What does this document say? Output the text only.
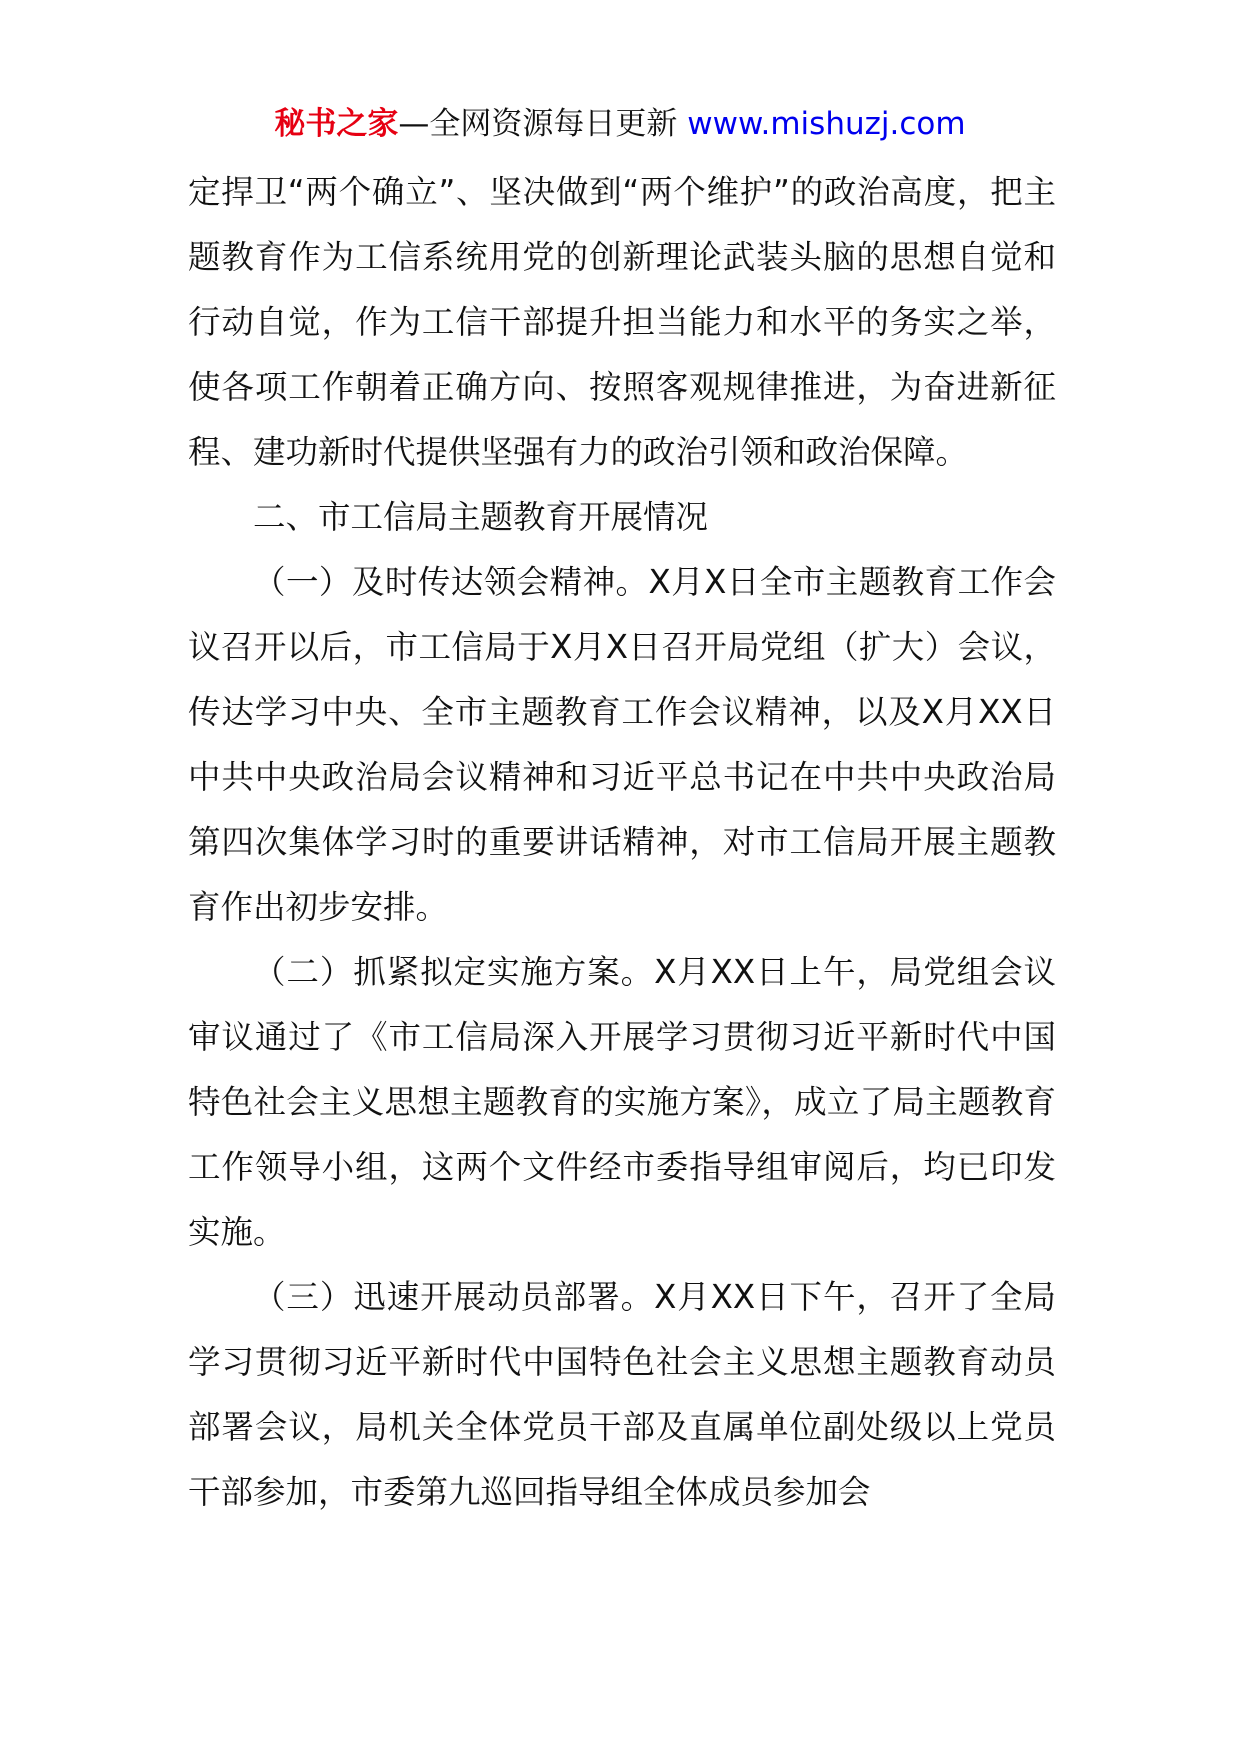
秘书之家—全网资源每日更新 www.mishuzj.com

定捍卫“两个确立”、坚决做到“两个维护”的政治高度，把主题教育作为工信系统用党的创新理论武装头脑的思想自觉和行动自觉，作为工信干部提升担当能力和水平的务实之举，使各项工作朝着正确方向、按照客观规律推进，为奋进新征程、建功新时代提供坚强有力的政治引领和政治保障。

二、市工信局主题教育开展情况

（一）及时传达领会精神。X月X日全市主题教育工作会议召开以后，市工信局于X月X日召开局党组（扩大）会议，传达学习中央、全市主题教育工作会议精神，以及X月XX日中共中央政治局会议精神和习近平总书记在中共中央政治局第四次集体学习时的重要讲话精神，对市工信局开展主题教育作出初步安排。

（二）抓紧拟定实施方案。X月XX日上午，局党组会议审议通过了《市工信局深入开展学习贯彻习近平新时代中国特色社会主义思想主题教育的实施方案》，成立了局主题教育工作领导小组，这两个文件经市委指导组审阅后，均已印发实施。

（三）迅速开展动员部署。X月XX日下午，召开了全局学习贯彻习近平新时代中国特色社会主义思想主题教育动员部署会议，局机关全体党员干部及直属单位副处级以上党员干部参加，市委第九巡回指导组全体成员参加会
